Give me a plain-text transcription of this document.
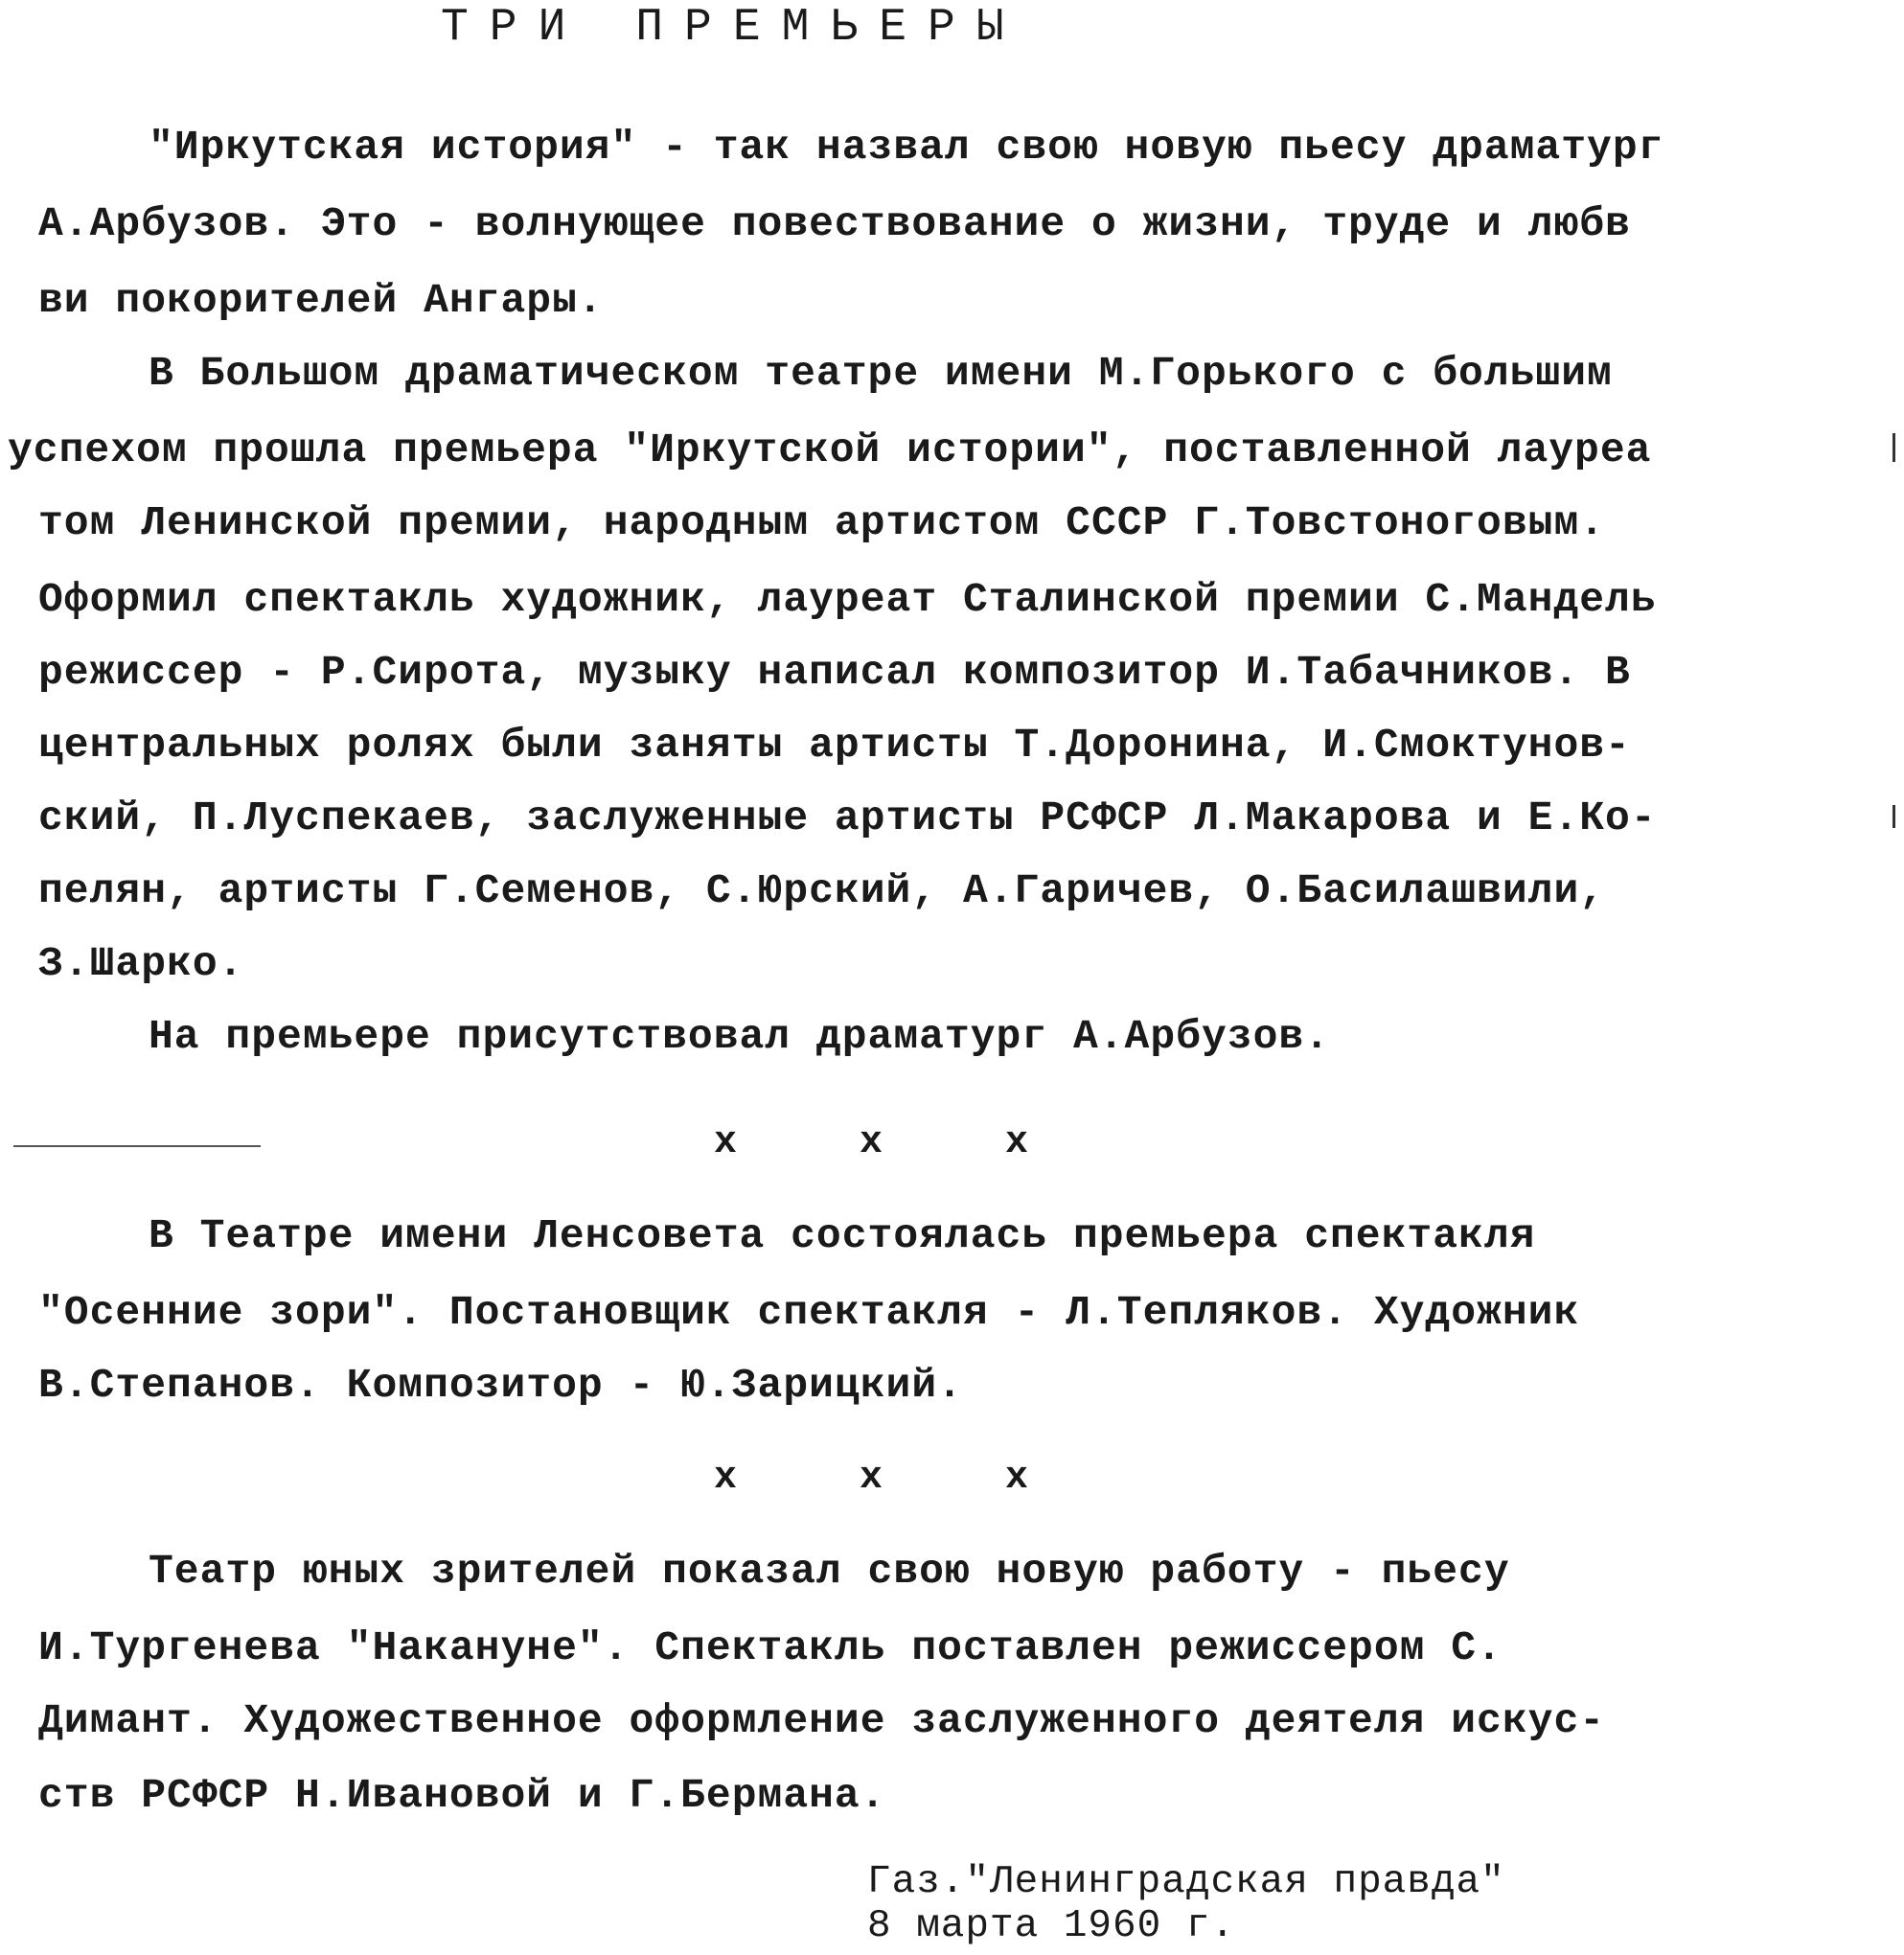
ТРИ ПРЕМЬЕРЫ
"Иркутская история" - так назвал свою новую пьесу драматург
А.Арбузов. Это - волнующее повествование о жизни, труде и любв
ви покорителей Ангары.
В Большом драматическом театре имени М.Горького с большим
успехом прошла премьера "Иркутской истории", поставленной лауреа
том Ленинской премии, народным артистом СССР Г.Товстоноговым.
Оформил спектакль художник, лауреат Сталинской премии С.Мандель
режиссер - Р.Сирота, музыку написал композитор И.Табачников. В
центральных ролях были заняты артисты Т.Доронина, И.Смоктунов-
ский, П.Луспекаев, заслуженные артисты РСФСР Л.Макарова и Е.Ко-
пелян, артисты Г.Семенов, С.Юрский, А.Гаричев, О.Басилашвили,
З.Шарко.
На премьере присутствовал драматург А.Арбузов.
x x x
В Театре имени Ленсовета состоялась премьера спектакля
"Осенние зори". Постановщик спектакля - Л.Тепляков. Художник
В.Степанов. Композитор - Ю.Зарицкий.
x x x
Театр юных зрителей показал свою новую работу - пьесу
И.Тургенева "Накануне". Спектакль поставлен режиссером С.
Димант. Художественное оформление заслуженного деятеля искус-
ств РСФСР Н.Ивановой и Г.Бермана.
Газ."Ленинградская правда"
8 марта 1960 г.
